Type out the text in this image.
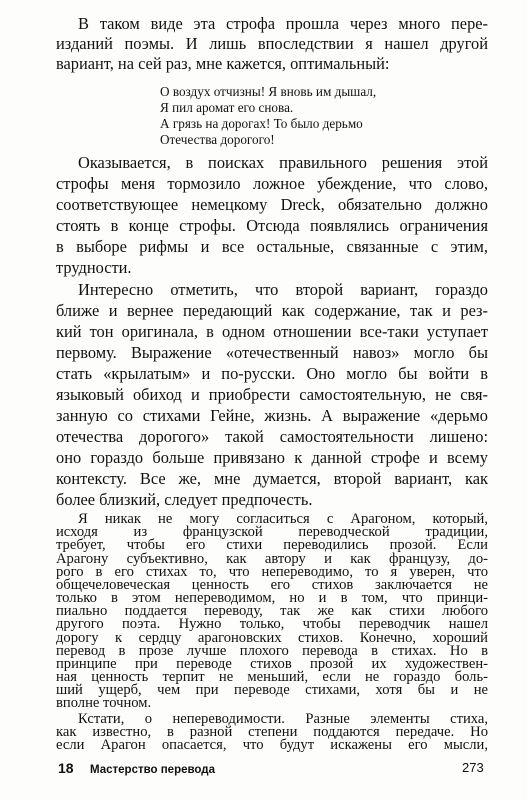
В таком виде эта строфа прошла через много пере-
изданий поэмы. И лишь впоследствии я нашел другой
вариант, на сей раз, мне кажется, оптимальный:
О воздух отчизны! Я вновь им дышал,
Я пил аромат его снова.
А грязь на дорогах! То было дерьмо
Отечества дорогого!
Оказывается, в поисках правильного решения этой
строфы меня тормозило ложное убеждение, что слово,
соответствующее немецкому Dreck, обязательно должно
стоять в конце строфы. Отсюда появлялись ограничения
в выборе рифмы и все остальные, связанные с этим,
трудности.
Интересно отметить, что второй вариант, гораздо
ближе и вернее передающий как содержание, так и рез-
кий тон оригинала, в одном отношении все-таки уступает
первому. Выражение «отечественный навоз» могло бы
стать «крылатым» и по-русски. Оно могло бы войти в
языковый обиход и приобрести самостоятельную, не свя-
занную со стихами Гейне, жизнь. А выражение «дерьмо
отечества дорогого» такой самостоятельности лишено:
оно гораздо больше привязано к данной строфе и всему
контексту. Все же, мне думается, второй вариант, как
более близкий, следует предпочесть.
18 Мастерство перевода	273
Я никак не могу согласиться с Арагоном, который,
исходя из французской переводческой традиции,
требует, чтобы его стихи переводились прозой. Если
Арагону субъективно, как автору и как французу, до-
рого в его стихах то, что непереводимо, то я уверен, что
общечеловеческая ценность его стихов заключается не
только в этом непереводимом, но и в том, что принци-
пиально поддается переводу, так же как стихи любого
другого поэта. Нужно только, чтобы переводчик нашел
дорогу к сердцу арагоновских стихов. Конечно, хороший
перевод в прозе лучше плохого перевода в стихах. Но в
принципе при переводе стихов прозой их художествен-
ная ценность терпит не меньший, если не гораздо боль-
ший ущерб, чем при переводе стихами, хотя бы и не
вполне точном.
Кстати, о непереводимости. Разные элементы стиха,
как известно, в разной степени поддаются передаче. Но
если Арагон опасается, что будут искажены его мысли,
